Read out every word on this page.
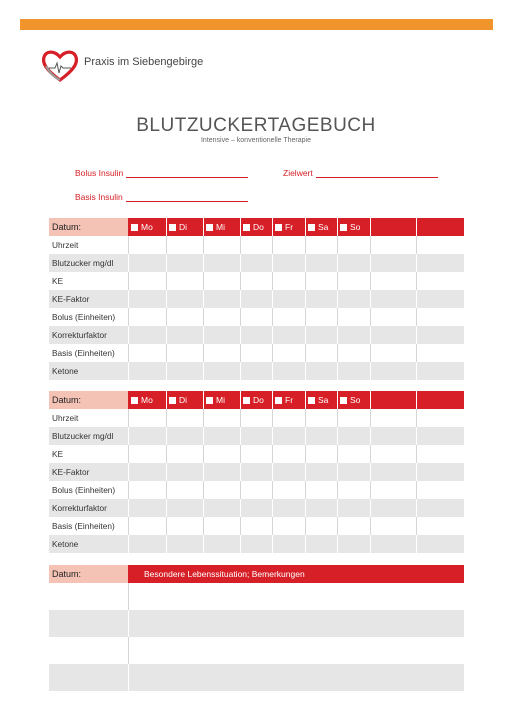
Praxis im Siebengebirge
BLUTZUCKERTAGEBUCH
Intensive – konventionelle Therapie
Bolus Insulin	Zielwert
Basis Insulin
Datum:	Mo	Di	Mi	Do	Fr	Sa	So
Uhrzeit
Blutzucker mg/dl
KE
KE-Faktor
Bolus (Einheiten)
Korrekturfaktor
Basis (Einheiten)
Ketone
Datum:	Mo	Di	Mi	Do	Fr	Sa	So
Uhrzeit
Blutzucker mg/dl
KE
KE-Faktor
Bolus (Einheiten)
Korrekturfaktor
Basis (Einheiten)
Ketone
Datum:	Besondere Lebenssituation; Bemerkungen
